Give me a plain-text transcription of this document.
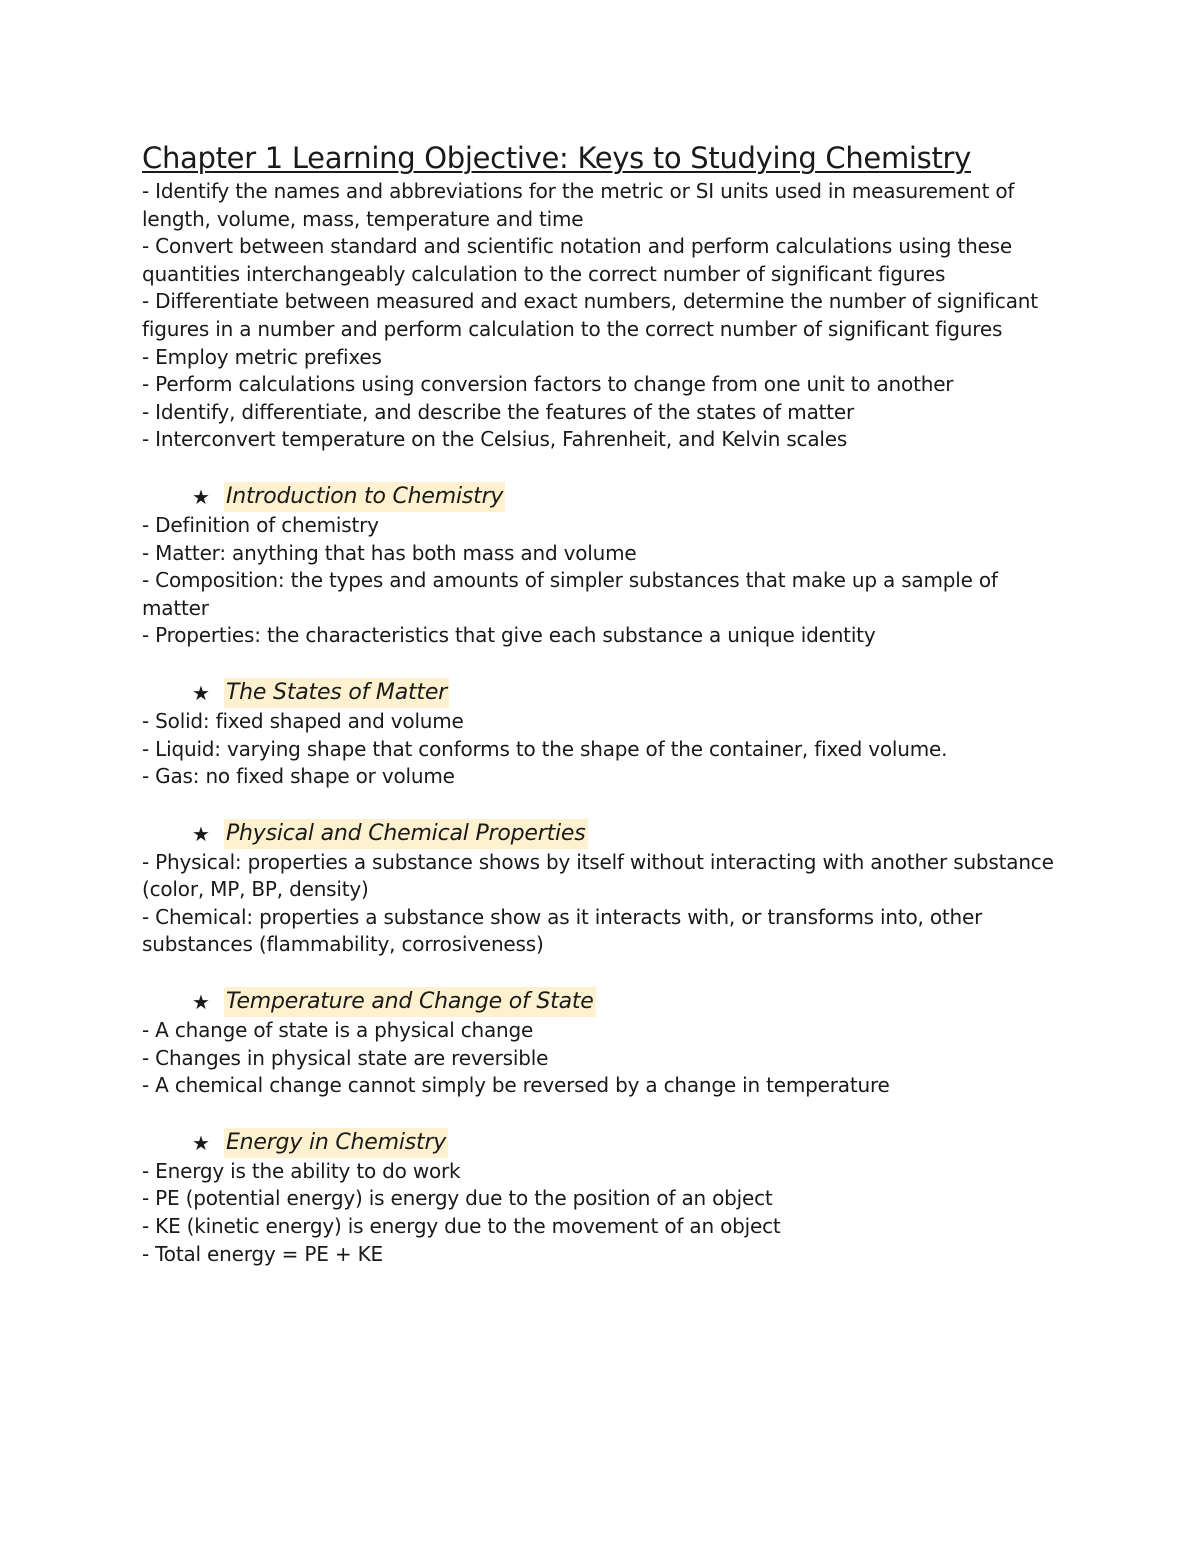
Chapter 1 Learning Objective: Keys to Studying Chemistry

- Identify the names and abbreviations for the metric or SI units used in measurement of length, volume, mass, temperature and time

- Convert between standard and scientific notation and perform calculations using these quantities interchangeably calculation to the correct number of significant figures

- Differentiate between measured and exact numbers, determine the number of significant figures in a number and perform calculation to the correct number of significant figures

- Employ metric prefixes

- Perform calculations using conversion factors to change from one unit to another

- Identify, differentiate, and describe the features of the states of matter

- Interconvert temperature on the Celsius, Fahrenheit, and Kelvin scales

★ Introduction to Chemistry

- Definition of chemistry

- Matter: anything that has both mass and volume

- Composition: the types and amounts of simpler substances that make up a sample of matter

- Properties: the characteristics that give each substance a unique identity

★ The States of Matter

- Solid: fixed shaped and volume

- Liquid: varying shape that conforms to the shape of the container, fixed volume.

- Gas: no fixed shape or volume

★ Physical and Chemical Properties

- Physical: properties a substance shows by itself without interacting with another substance (color, MP, BP, density)

- Chemical: properties a substance show as it interacts with, or transforms into, other substances (flammability, corrosiveness)

★ Temperature and Change of State

- A change of state is a physical change

- Changes in physical state are reversible

- A chemical change cannot simply be reversed by a change in temperature

★ Energy in Chemistry

- Energy is the ability to do work

- PE (potential energy) is energy due to the position of an object

- KE (kinetic energy) is energy due to the movement of an object

- Total energy = PE + KE
